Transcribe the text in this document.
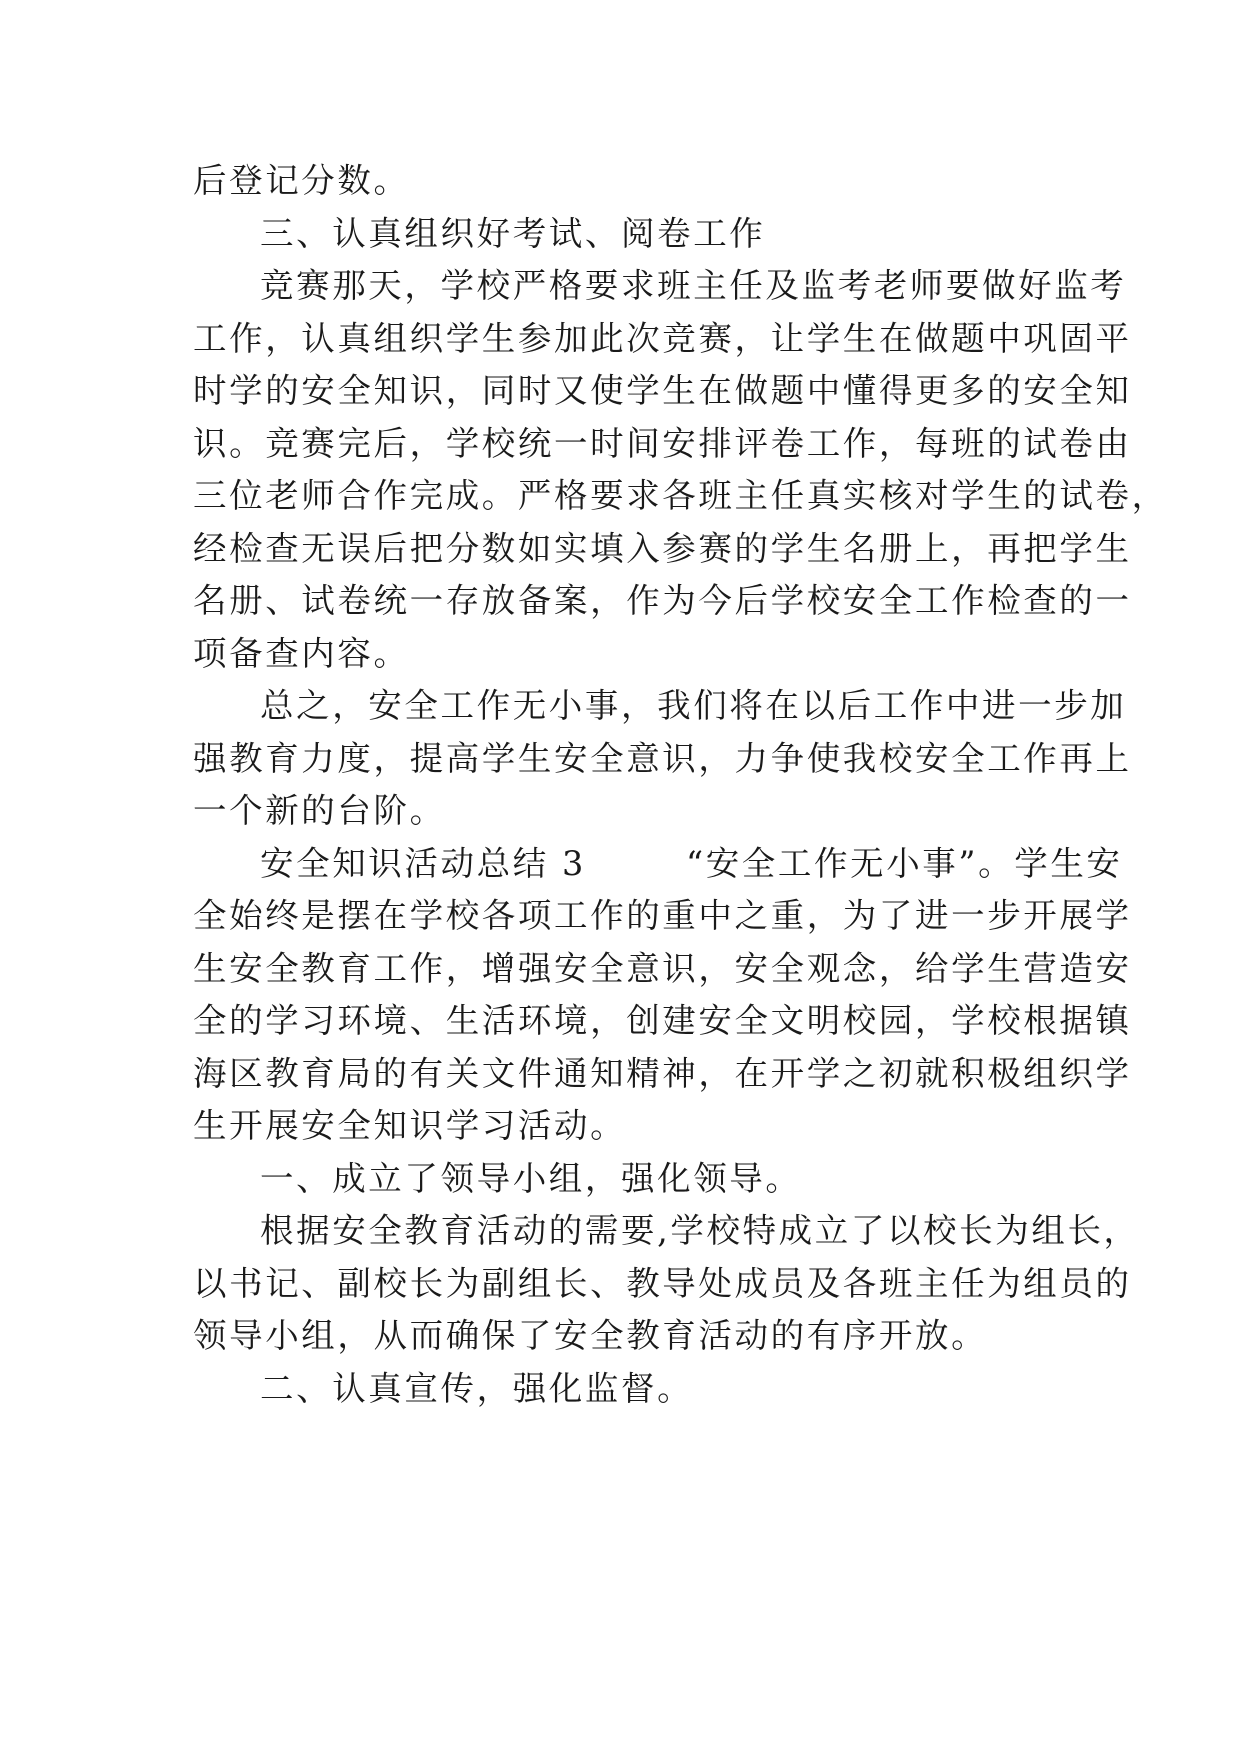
后登记分数。
三、认真组织好考试、阅卷工作
竞赛那天，学校严格要求班主任及监考老师要做好监考
工作，认真组织学生参加此次竞赛，让学生在做题中巩固平
时学的安全知识，同时又使学生在做题中懂得更多的安全知
识。竞赛完后，学校统一时间安排评卷工作，每班的试卷由
三位老师合作完成。严格要求各班主任真实核对学生的试卷，
经检查无误后把分数如实填入参赛的学生名册上，再把学生
名册、试卷统一存放备案，作为今后学校安全工作检查的一
项备查内容。
总之，安全工作无小事，我们将在以后工作中进一步加
强教育力度，提高学生安全意识，力争使我校安全工作再上
一个新的台阶。
安全知识活动总结 3	“安全工作无小事”。学生安
全始终是摆在学校各项工作的重中之重，为了进一步开展学
生安全教育工作，增强安全意识，安全观念，给学生营造安
全的学习环境、生活环境，创建安全文明校园，学校根据镇
海区教育局的有关文件通知精神，在开学之初就积极组织学
生开展安全知识学习活动。
一、成立了领导小组，强化领导。
根据安全教育活动的需要,学校特成立了以校长为组长，
以书记、副校长为副组长、教导处成员及各班主任为组员的
领导小组，从而确保了安全教育活动的有序开放。
二、认真宣传，强化监督。
